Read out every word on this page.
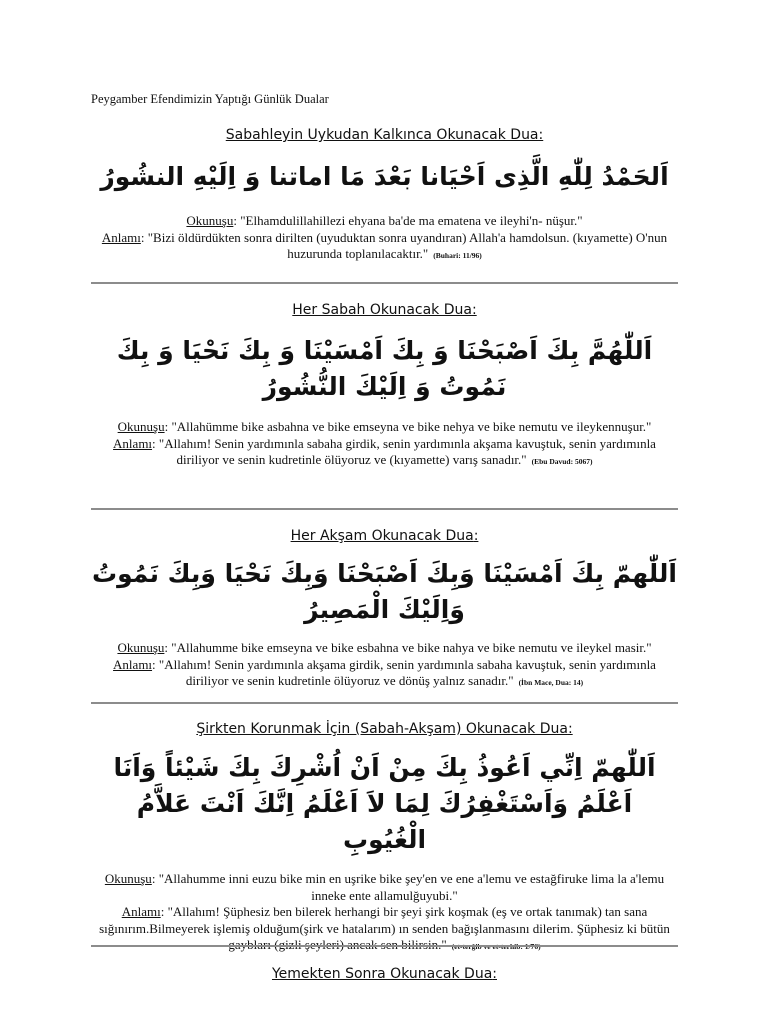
Peygamber Efendimizin Yaptığı Günlük Dualar

Sabahleyin Uykudan Kalkınca Okunacak Dua:

اَلحَمْدُ لِلّٰهِ الَّذِى اَحْيَانا بَعْدَ مَا اماتنا وَ اِلَيْهِ النشُورُ

Okunuşu: "Elhamdulillahillezi ehyana ba'de ma ematena ve ileyhi'n- nüşur."

Anlamı: "Bizi öldürdükten sonra dirilten (uyuduktan sonra uyandıran) Allah'a hamdolsun. (kıyamette) O'nun huzurunda toplanılacaktır." (Buhari: 11/96)

Her Sabah Okunacak Dua:

اَللّٰهُمَّ بِكَ اَصْبَحْنَا وَ بِكَ اَمْسَيْنَا وَ بِكَ نَحْيَا وَ بِكَ نَمُوتُ وَ اِلَيْكَ النُّشُورُ

Okunuşu: "Allahümme bike asbahna ve bike emseyna ve bike nehya ve bike nemutu ve ileykennuşur."

Anlamı: "Allahım! Senin yardımınla sabaha girdik, senin yardımınla akşama kavuştuk, senin yardımınla diriliyor ve senin kudretinle ölüyoruz ve (kıyamette) varış sanadır." (Ebu Davud: 5067)

Her Akşam Okunacak Dua:

اَللّٰهمّ بِكَ اَمْسَيْنَا وَبِكَ اَصْبَحْنَا وَبِكَ نَحْيَا وَبِكَ نَمُوتُ وَاِلَيْكَ الْمَصِيرُ

Okunuşu: "Allahumme bike emseyna ve bike esbahna ve bike nahya ve bike nemutu ve ileykel masir."

Anlamı: "Allahım! Senin yardımınla akşama girdik, senin yardımınla sabaha kavuştuk, senin yardımınla diriliyor ve senin kudretinle ölüyoruz ve dönüş yalnız sanadır." (İbn Mace, Dua: 14)

Şirkten Korunmak İçin (Sabah-Akşam) Okunacak Dua:

اَللّٰهمّ اِنِّي اَعُوذُ بِكَ مِنْ اَنْ اُشْرِكَ بِكَ شَيْئاً وَاَنَا اَعْلَمُ وَاَسْتَغْفِرُكَ لِمَا لاَ اَعْلَمُ اِنَّكَ اَنْتَ عَلاَّمُ الْغُيُوبِ

Okunuşu: "Allahumme inni euzu bike min en uşrike bike şey'en ve ene a'lemu ve estağfiruke lima la a'lemu inneke ente allamulğuyubi."

Anlamı: "Allahım! Şüphesiz ben bilerek herhangi bir şeyi şirk koşmak (eş ve ortak tanımak) tan sana sığınırım.Bilmeyerek işlemiş olduğum(şirk ve hatalarım) ın senden bağışlanmasını dilerim. Şüphesiz ki bütün gaybları (gizli şeyleri) ancak sen bilirsin." (et-terğib ve et-terhib: 1/76)

Yemekten Sonra Okunacak Dua:
